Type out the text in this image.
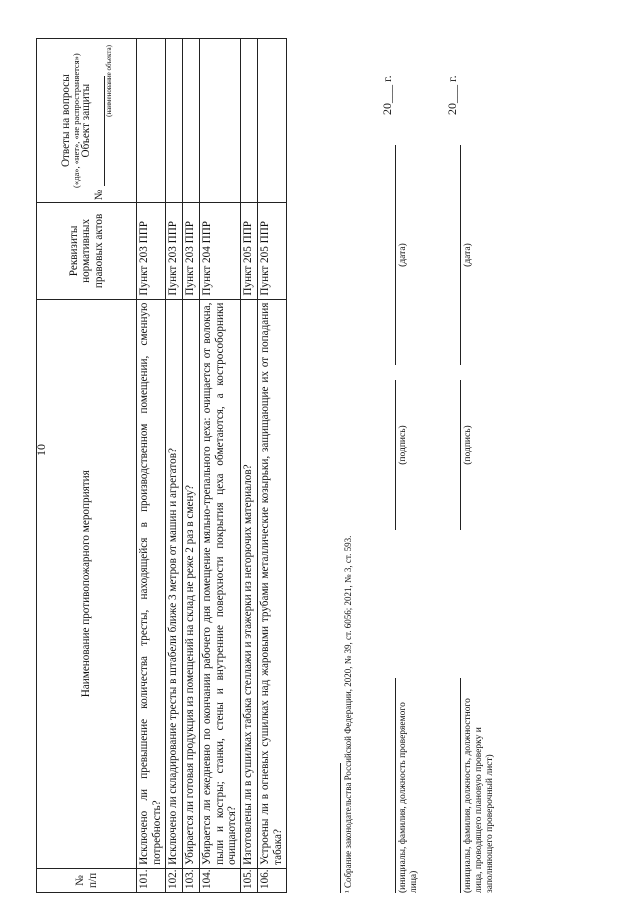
10
№ п/п	Наименование противопожарного мероприятия	Реквизиты нормативных правовых актов	Ответы на вопросы («да», «нет», «не распространяется») Объект защиты
№
(наименование объекта)

101.	Исключено ли превышение количества тресты, находящейся в производственном помещении, сменную потребность?	Пункт 203 ППР	
102.	Исключено ли складирование тресты в штабели ближе 3 метров от машин и агрегатов?	Пункт 203 ППР	
103.	Убирается ли готовая продукция из помещений на склад не реже 2 раз в смену?	Пункт 203 ППР	
104.	Убирается ли ежедневно по окончании рабочего дня помещение мяльно-трепального цеха: очищается от волокна, пыли и костры; станки, стены и внутренние поверхности покрытия цеха обметаются, а кострособорники очищаются?	Пункт 204 ППР	
105.	Изготовлены ли в сушилках табака стеллажи и этажерки из негорючих материалов?	Пункт 205 ППР	
106.	Устроены ли в огневых сушилках над жаровыми трубами металлические козырьки, защищающие их от попадания табака?	Пункт 205 ППР	
¹ Собрание законодательства Российской Федерации, 2020, № 39, ст. 6056; 2021, № 3, ст. 593.	(инициалы, фамилия, должность проверяемого лица)
(подпись)
(дата)
20___ г.
(инициалы, фамилия, должность, должностного лица, проводящего плановую проверку и заполняющего проверочный лист)
(подпись)
(дата)
20___ г.
